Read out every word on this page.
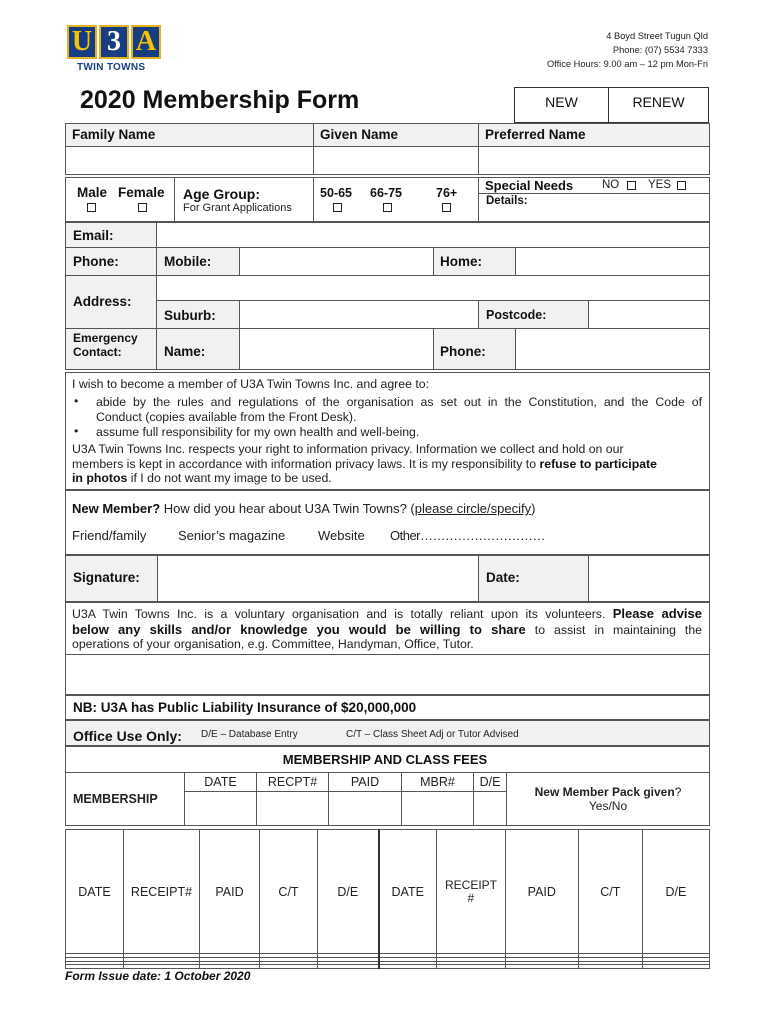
U 3 A
TWIN TOWNS
4 Boyd Street Tugun Qld
Phone: (07) 5534 7333
Office Hours: 9.00 am – 12 pm Mon-Fri
2020 Membership Form	NEW	RENEW
Family Name	Given Name	Preferred Name
Male Female Age Group:
For Grant Applications
50-65 66-75	76+ Special Needs	NO	YES
Details:
Email:
Phone:	Mobile:	Home:
Address:
Suburb:	Postcode:
Emergency
Contact:	Name:	Phone:
I wish to become a member of U3A Twin Towns Inc. and agree to:
• abide by the rules and regulations of the organisation as set out in the Constitution, and the Code of
Conduct (copies available from the Front Desk).
• assume full responsibility for my own health and well-being.
U3A Twin Towns Inc. respects your right to information privacy. Information we collect and hold on our
members is kept in accordance with information privacy laws. It is my responsibility to refuse to participate
in photos if I do not want my image to be used.
New Member? How did you hear about U3A Twin Towns? (please circle/specify)
Friend/family Senior’s magazine	Website Other…………………………
Signature:	Date:
U3A Twin Towns Inc. is a voluntary organisation and is totally reliant upon its volunteers. Please advise
below any skills and/or knowledge you would be willing to share to assist in maintaining the
operations of your organisation, e.g. Committee, Handyman, Office, Tutor.
NB: U3A has Public Liability Insurance of $20,000,000
Office Use Only: D/E – Database Entry	C/T – Class Sheet Adj or Tutor Advised
MEMBERSHIP AND CLASS FEES
MEMBERSHIP	DATE	RECPT#	PAID	MBR#	D/E	New Member Pack given?
Yes/No

DATE	RECEIPT#	PAID	C/T	D/E	DATE	RECEIPT #	PAID	C/T	D/E

Form Issue date: 1 October 2020
